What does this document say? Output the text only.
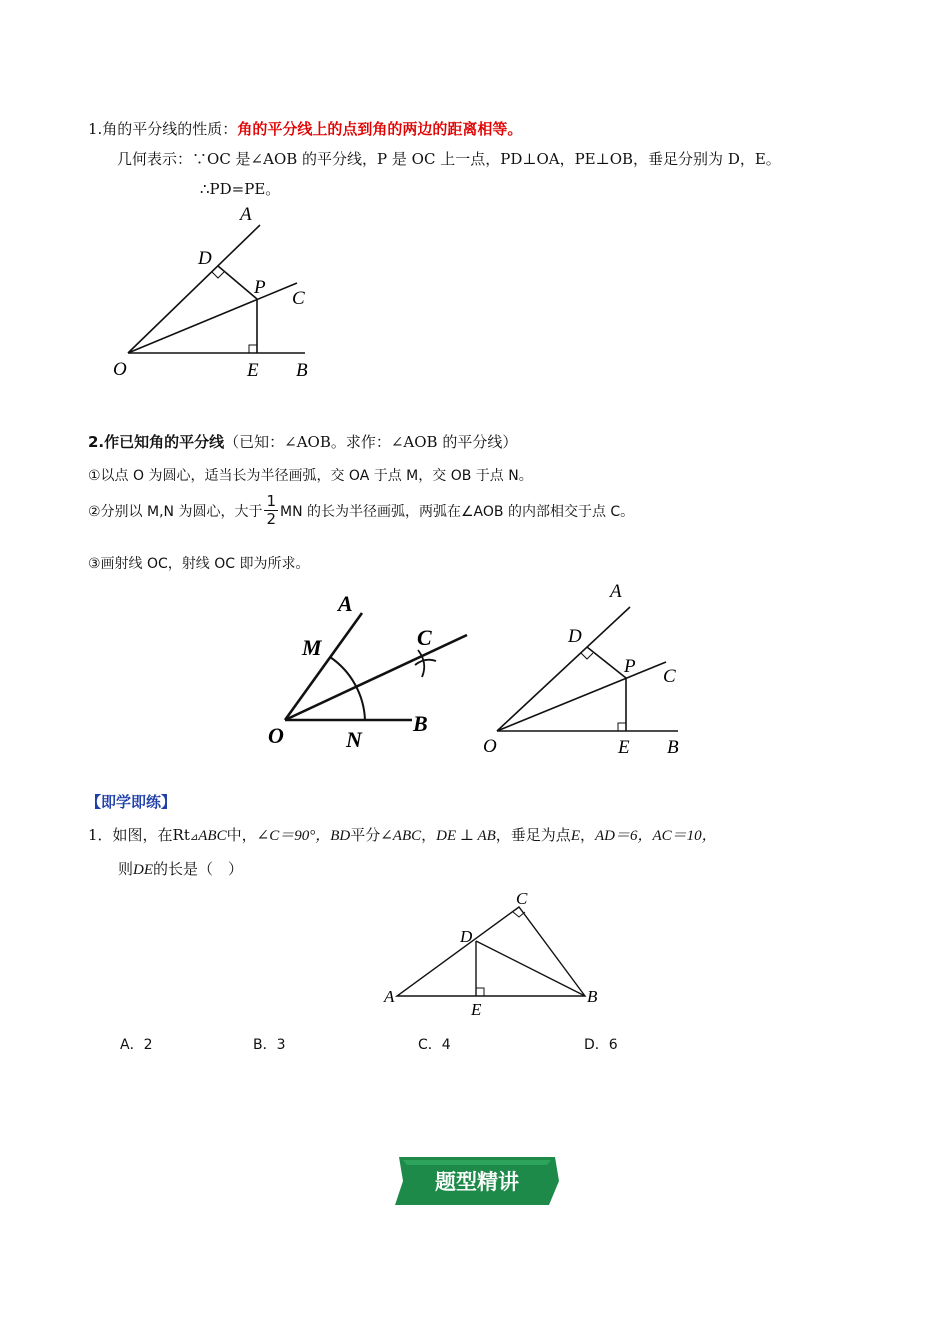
1.角的平分线的性质：角的平分线上的点到角的两边的距离相等。
几何表示：∵OC 是∠AOB 的平分线，P 是 OC 上一点，PD⊥OA，PE⊥OB，垂足分别为 D，E。
∴PD=PE。
A
D
P
C
O	E B
2.作已知角的平分线（已知：∠AOB。求作：∠AOB 的平分线）
①以点 O 为圆心，适当长为半径画弧，交 OA 于点 M，交 OB 于点 N。
②分别以 M,N 为圆心，大于 $\frac{1}{2}$ MN 的长为半径画弧，两弧在∠AOB 的内部相交于点 C。
③画射线 OC，射线 OC 即为所求。
A
M	C
O	N
B
A
D
P C
O	E B
【即学即练】
1．如图，在Rt⊿ABC中，∠C＝90°，BD平分∠ABC，DE ⊥ AB，垂足为点E，AD＝6，AC＝10，
则DE的长是（　）
A	B
C
D
E
A．2	B．3	C．4	D．6
题型精讲
